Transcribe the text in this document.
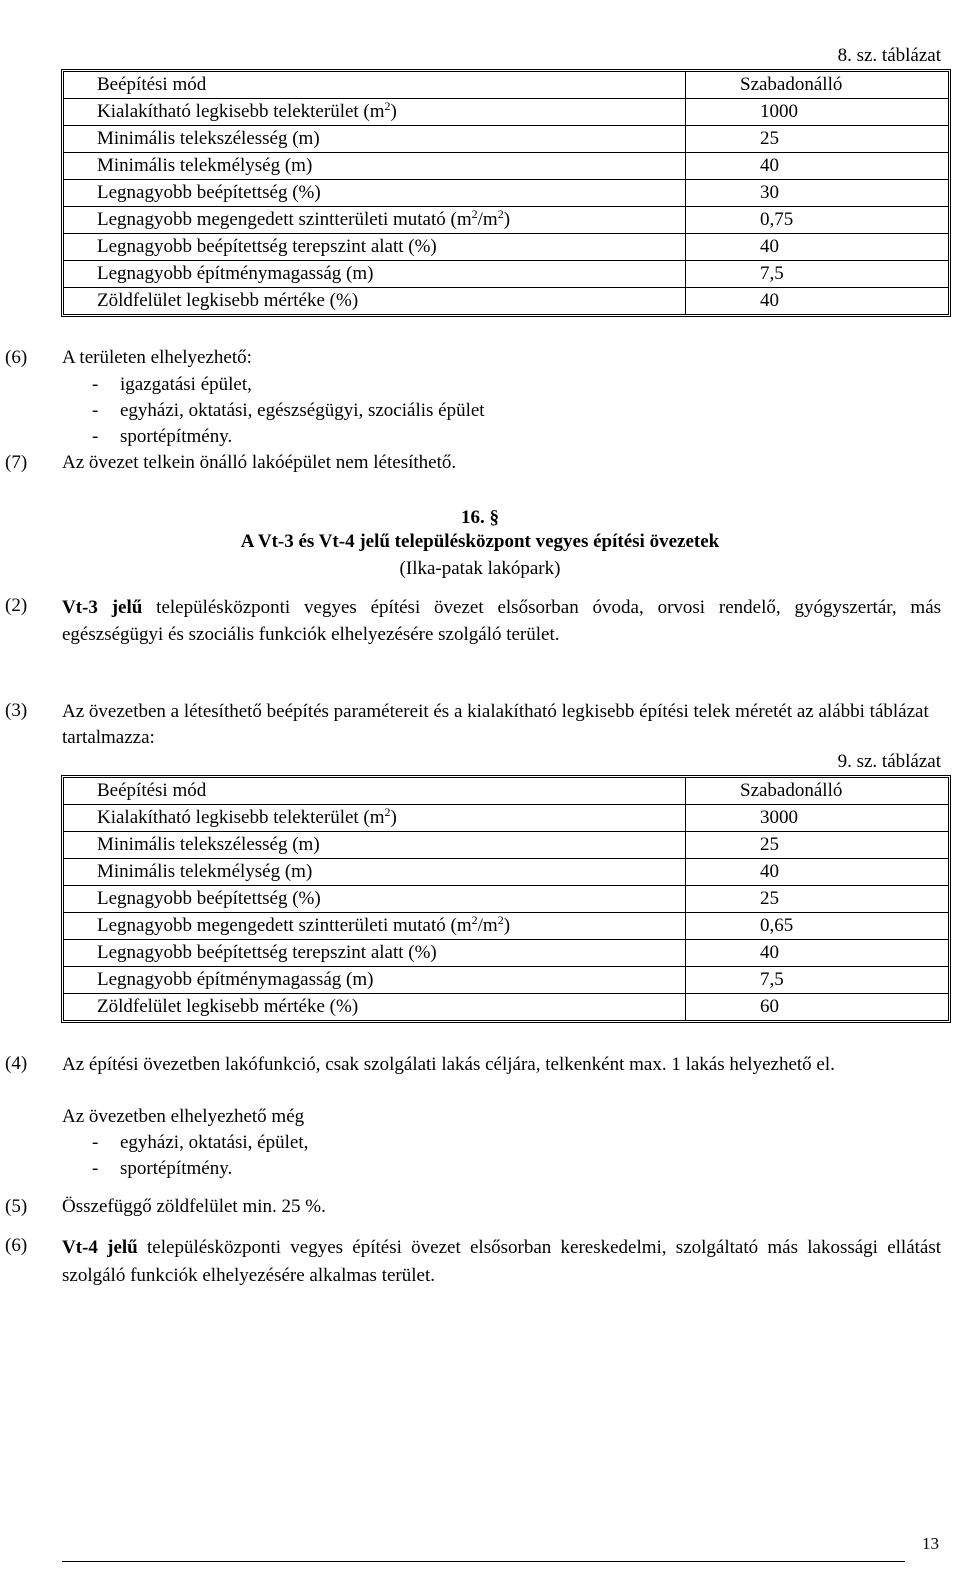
8. sz. táblázat
Beépítési mód	Szabadonálló
Kialakítható legkisebb telekterület $(m^2)$	1000
Minimális telekszélesség (m)	25
Minimális telekmélység (m)	40
Legnagyobb beépítettség (%)	30
Legnagyobb megengedett szintterületi mutató $(m^2/m^2)$	0,75
Legnagyobb beépítettség terepszint alatt (%)	40
Legnagyobb építménymagasság (m)	7,5
Zöldfelület legkisebb mértéke (%)	40
(6) A területen elhelyezhető:
- igazgatási épület,
- egyházi, oktatási, egészségügyi, szociális épület
- sportépítmény.
(7) Az övezet telkein önálló lakóépület nem létesíthető.
16. §
A Vt-3 és Vt-4 jelű településközpont vegyes építési övezetek
(Ilka-patak lakópark)
(2) Vt-3 jelű településközponti vegyes építési övezet elsősorban óvoda, orvosi rendelő, gyógyszertár, más egészségügyi és szociális funkciók elhelyezésére szolgáló terület.
(3) Az övezetben a létesíthető beépítés paramétereit és a kialakítható legkisebb építési telek méretét az alábbi táblázat tartalmazza:
9. sz. táblázat
Beépítési mód	Szabadonálló
Kialakítható legkisebb telekterület $(m^2)$	3000
Minimális telekszélesség (m)	25
Minimális telekmélység (m)	40
Legnagyobb beépítettség (%)	25
Legnagyobb megengedett szintterületi mutató $(m^2/m^2)$	0,65
Legnagyobb beépítettség terepszint alatt (%)	40
Legnagyobb építménymagasság (m)	7,5
Zöldfelület legkisebb mértéke (%)	60
(4) Az építési övezetben lakófunkció, csak szolgálati lakás céljára, telkenként max. 1 lakás helyezhető el.
Az övezetben elhelyezhető még
- egyházi, oktatási, épület,
- sportépítmény.
(5) Összefüggő zöldfelület min. 25 %.
(6) Vt-4 jelű településközponti vegyes építési övezet elsősorban kereskedelmi, szolgáltató más lakossági ellátást szolgáló funkciók elhelyezésére alkalmas terület.
13
